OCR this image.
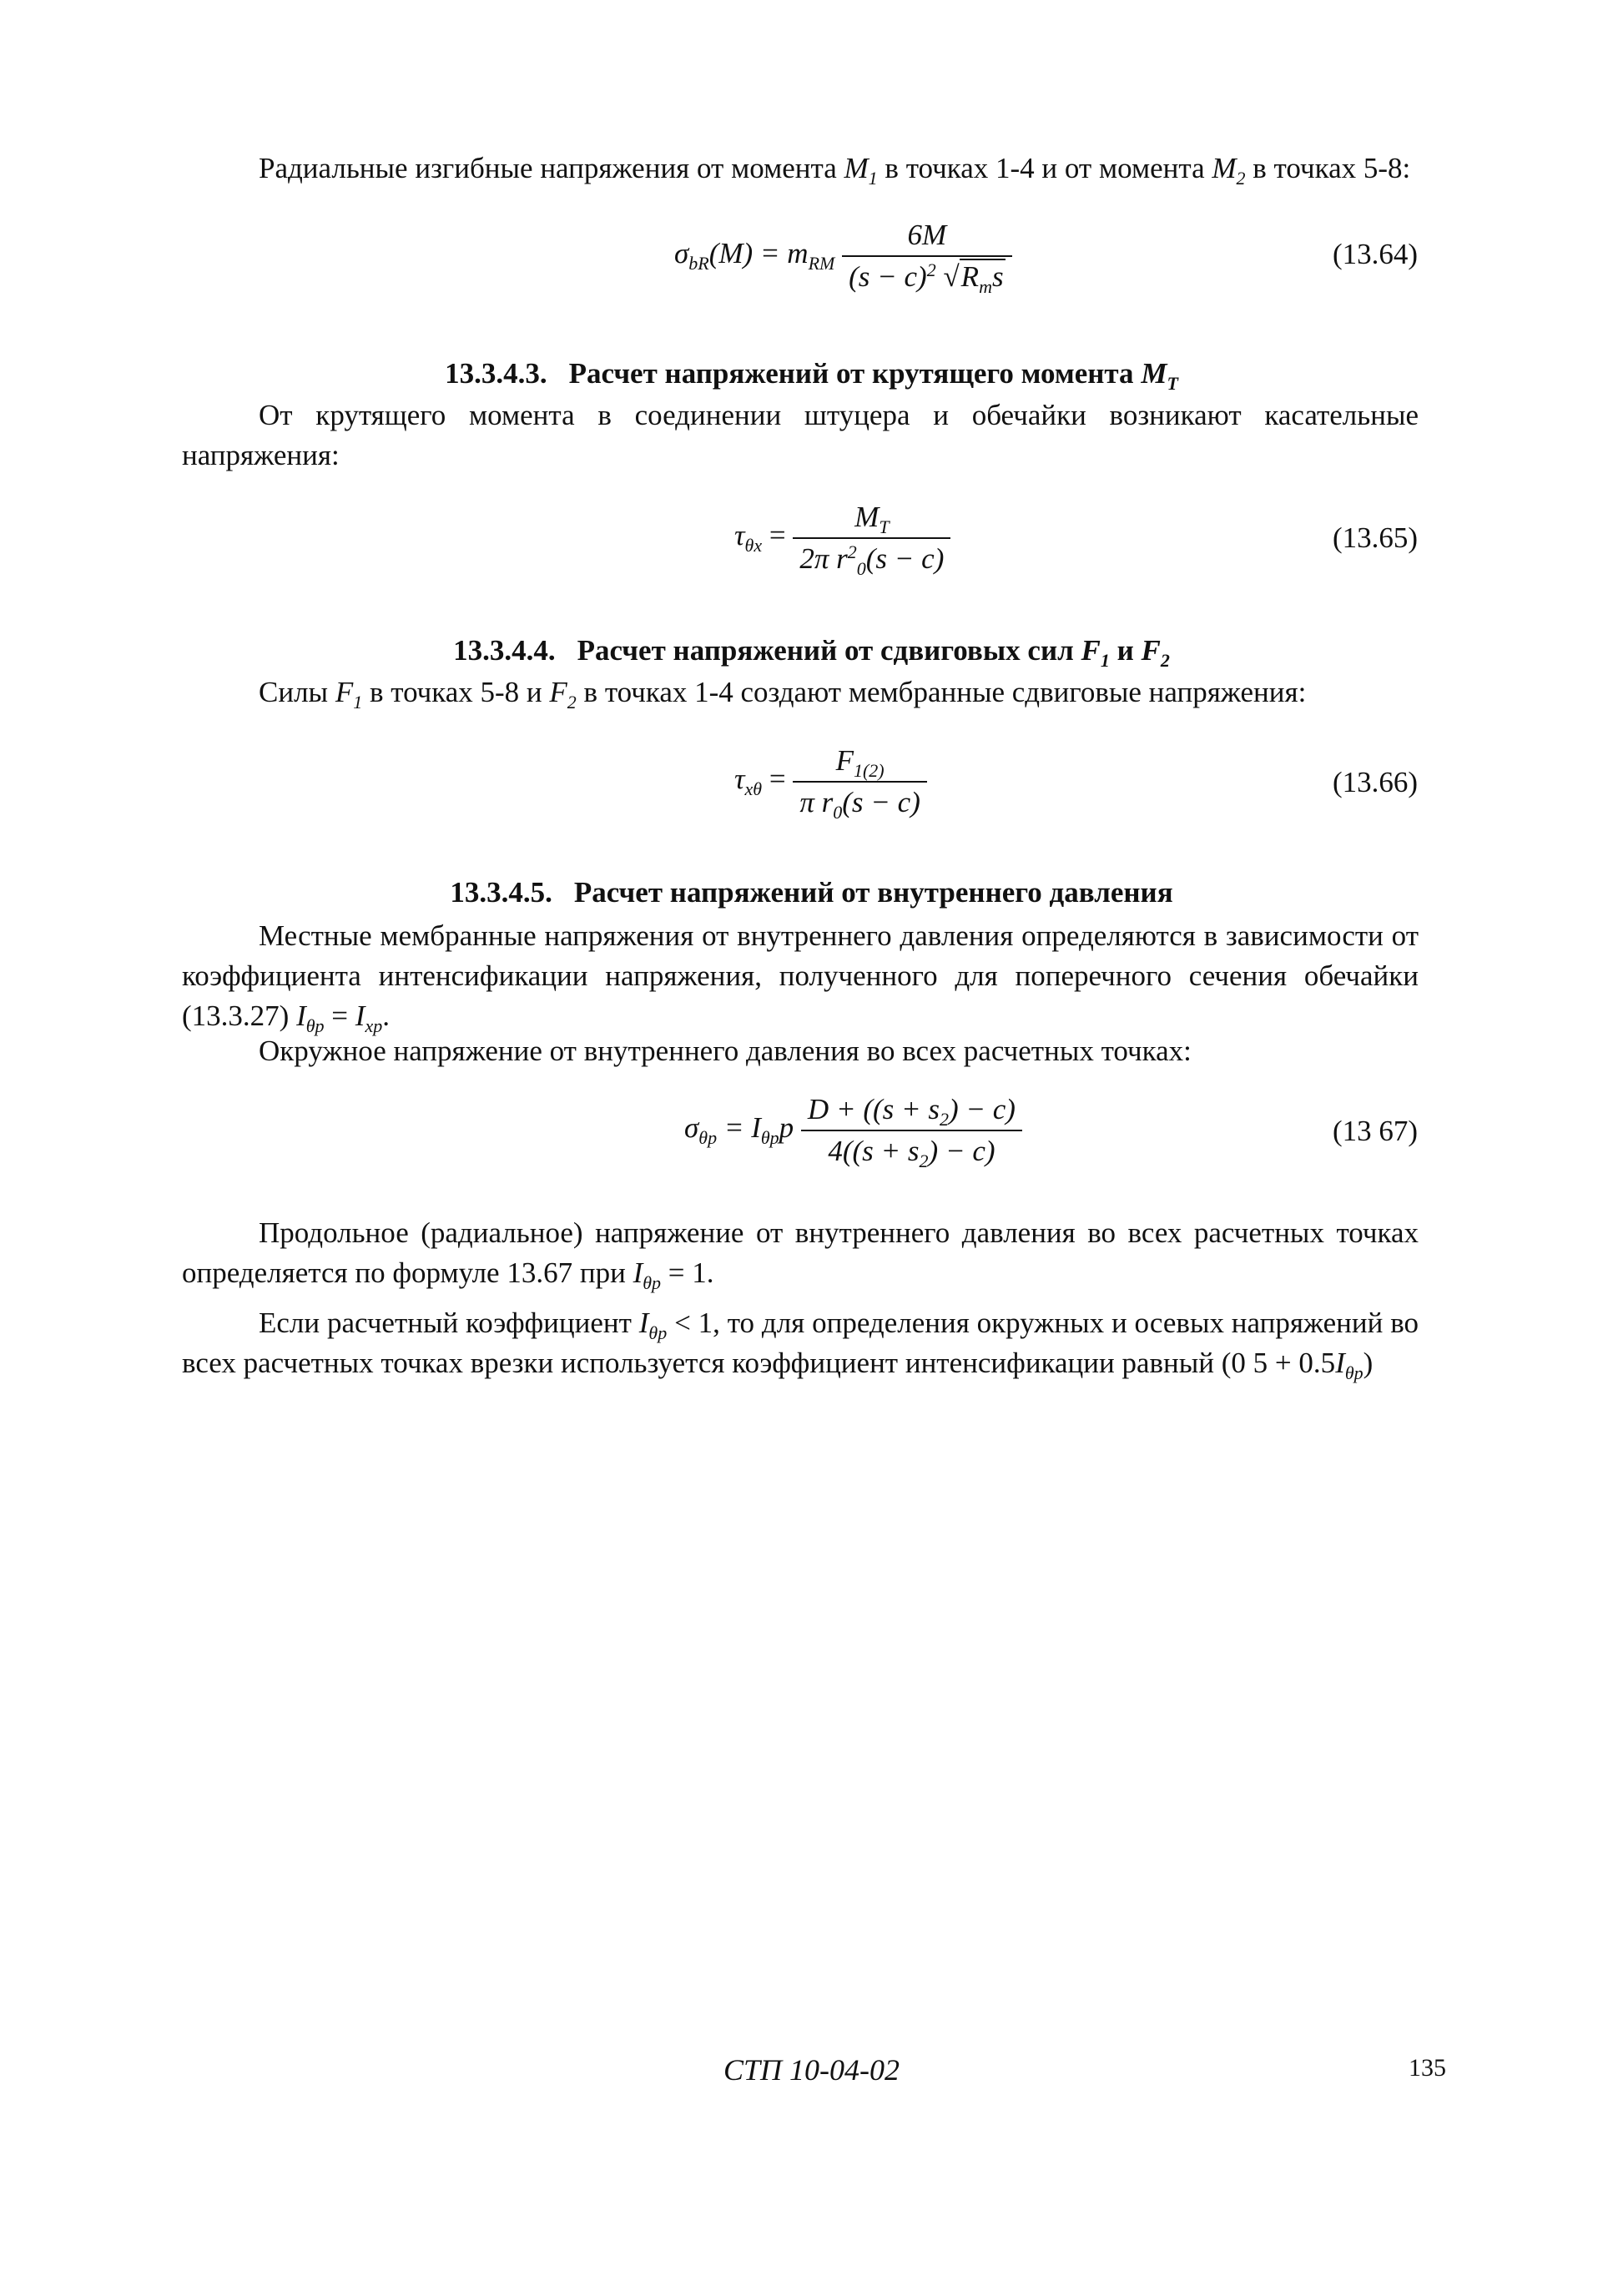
Радиальные изгибные напряжения от момента $M_1$ в точках 1-4 и от момента $M_2$ в точках 5-8:
$\sigma_{bR}(M) = m_{RM} \frac{6M}{(s - c)^2 √R_ms}$	(13.64)
13.3.4.3. Расчет напряжений от крутящего момента $M_T$
От крутящего момента в соединении штуцера и обечайки возникают касательные напряжения:
$\tau_{\theta x} = \frac{M_T}{2\pi r^2_0(s - c)}$	(13.65)
13.3.4.4. Расчет напряжений от сдвиговых сил $F_1$ и $F_2$
Силы $F_1$ в точках 5-8 и $F_2$ в точках 1-4 создают мембранные сдвиговые напряжения:
$\tau_{x\theta} = \frac{F_{1(2)}}{\pi r_0(s - c)}$	(13.66)
13.3.4.5. Расчет напряжений от внутреннего давления
Местные мембранные напряжения от внутреннего давления определяются в зависимости от коэффициента интенсификации напряжения, полученного для поперечного сечения обечайки (13.3.27) $I_{\theta p} = I_{xp}$.
Окружное напряжение от внутреннего давления во всех расчетных точках:
$\sigma_{\theta p} = I_{\theta p}p \frac{D + ((s + s_2) - c)}{4((s + s_2) - c)}$	(13 67)
Продольное (радиальное) напряжение от внутреннего давления во всех расчетных точках определяется по формуле 13.67 при $I_{\theta p} = 1$.
Если расчетный коэффициент $I_{\theta p} < 1$, то для определения окружных и осевых напряжений во всех расчетных точках врезки используется коэффициент интенсификации равный (0 $5 + 0.5I_{\theta p}$)
СТП 10-04-02	135
